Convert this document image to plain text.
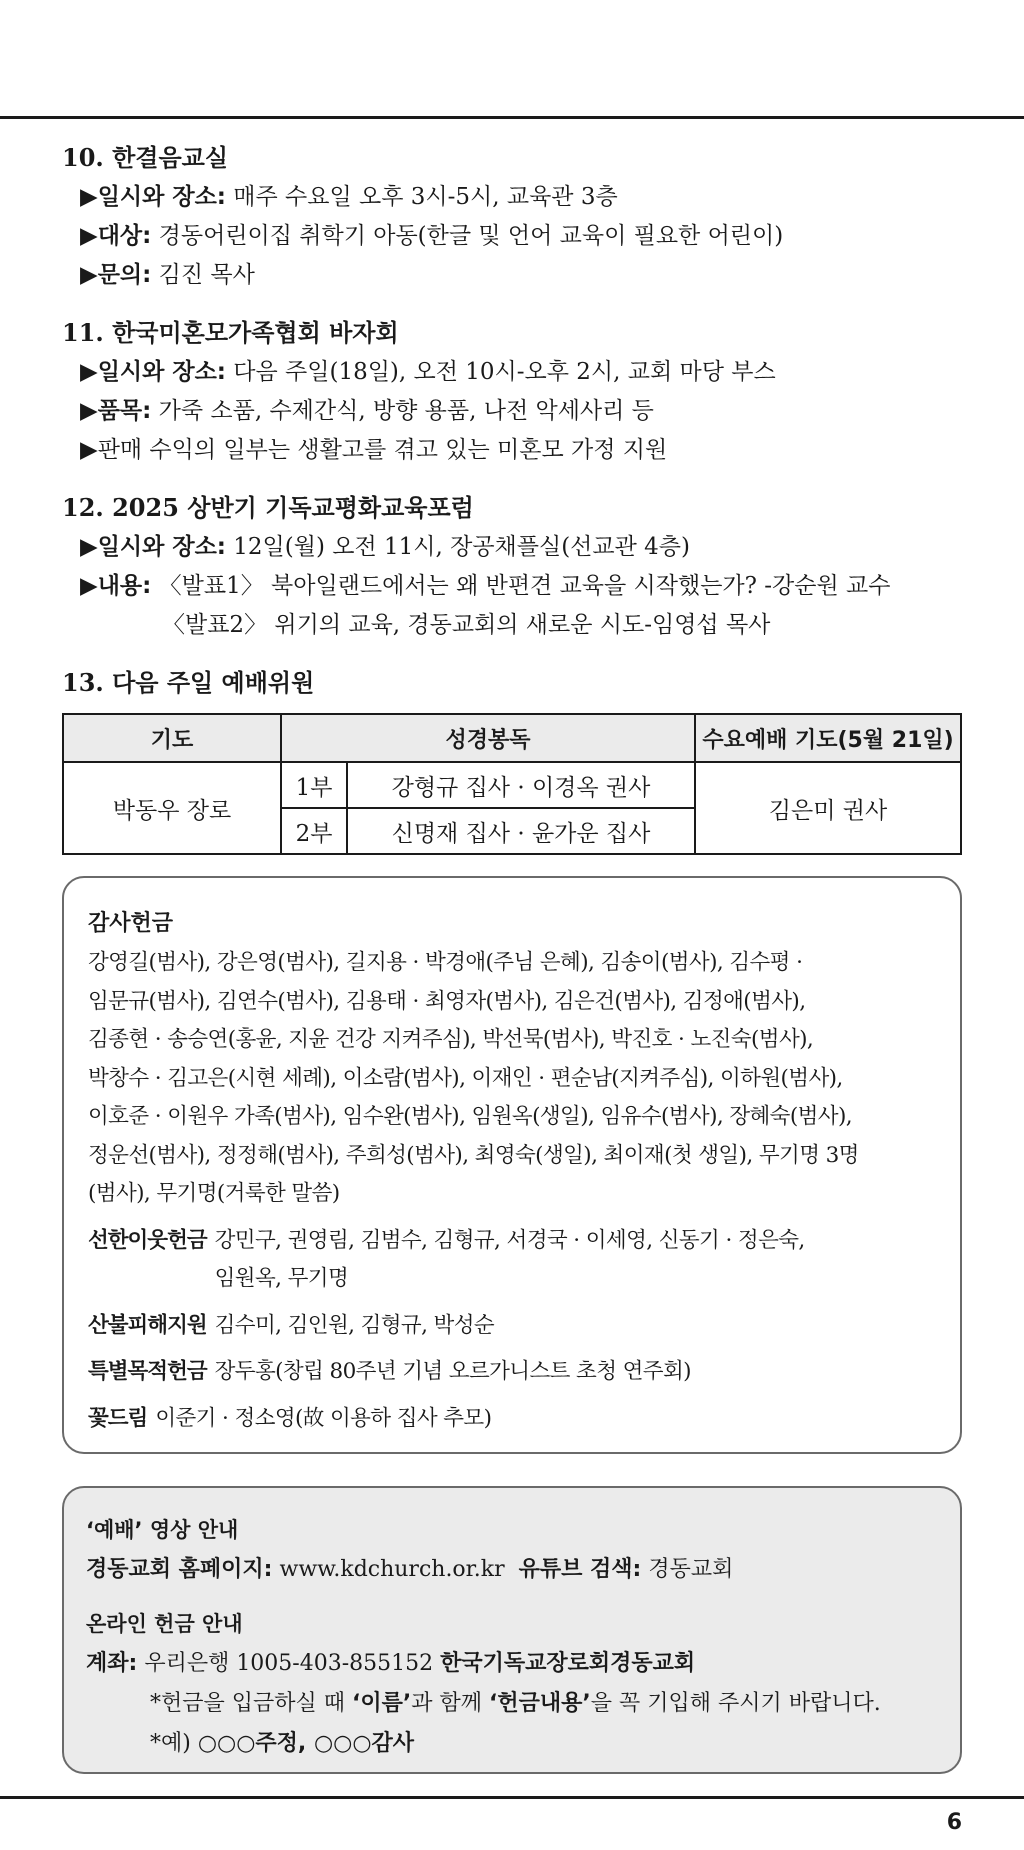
10. 한결음교실
▶일시와 장소: 매주 수요일 오후 3시-5시, 교육관 3층
▶대상: 경동어린이집 취학기 아동(한글 및 언어 교육이 필요한 어린이)
▶문의: 김진 목사
11. 한국미혼모가족협회 바자회
▶일시와 장소: 다음 주일(18일), 오전 10시-오후 2시, 교회 마당 부스
▶품목: 가죽 소품, 수제간식, 방향 용품, 나전 악세사리 등
▶판매 수익의 일부는 생활고를 겪고 있는 미혼모 가정 지원
12. 2025 상반기 기독교평화교육포럼
▶일시와 장소: 12일(월) 오전 11시, 장공채플실(선교관 4층)
▶내용: 〈발표1〉 북아일랜드에서는 왜 반편견 교육을 시작했는가? -강순원 교수
〈발표2〉 위기의 교육, 경동교회의 새로운 시도-임영섭 목사
13. 다음 주일 예배위원
기도	성경봉독		수요예배 기도(5월 21일)
박동우 장로	1부	강형규 집사 · 이경옥 권사	김은미 권사
	2부	신명재 집사 · 윤가운 집사	
감사헌금
강영길(범사), 강은영(범사), 길지용 · 박경애(주님 은혜), 김송이(범사), 김수평 ·
임문규(범사), 김연수(범사), 김용태 · 최영자(범사), 김은건(범사), 김정애(범사),
김종현 · 송승연(홍윤, 지윤 건강 지켜주심), 박선묵(범사), 박진호 · 노진숙(범사),
박창수 · 김고은(시현 세례), 이소람(범사), 이재인 · 편순남(지켜주심), 이하원(범사),
이호준 · 이원우 가족(범사), 임수완(범사), 임원옥(생일), 임유수(범사), 장혜숙(범사),
정운선(범사), 정정해(범사), 주희성(범사), 최영숙(생일), 최이재(첫 생일), 무기명 3명
(범사), 무기명(거룩한 말씀)
선한이웃헌금 강민구, 권영림, 김범수, 김형규, 서경국 · 이세영, 신동기 · 정은숙,
임원옥, 무기명
산불피해지원 김수미, 김인원, 김형규, 박성순
특별목적헌금 장두홍(창립 80주년 기념 오르가니스트 초청 연주회)
꽃드림 이준기 · 정소영(故 이용하 집사 추모)
‘예배’ 영상 안내
경동교회 홈페이지: www.kdchurch.or.kr 유튜브 검색: 경동교회
온라인 헌금 안내
계좌: 우리은행 1005-403-855152 한국기독교장로회경동교회
*헌금을 입금하실 때 ‘이름’과 함께 ‘헌금내용’을 꼭 기입해 주시기 바랍니다.
*예) ○○○주정, ○○○감사
6
